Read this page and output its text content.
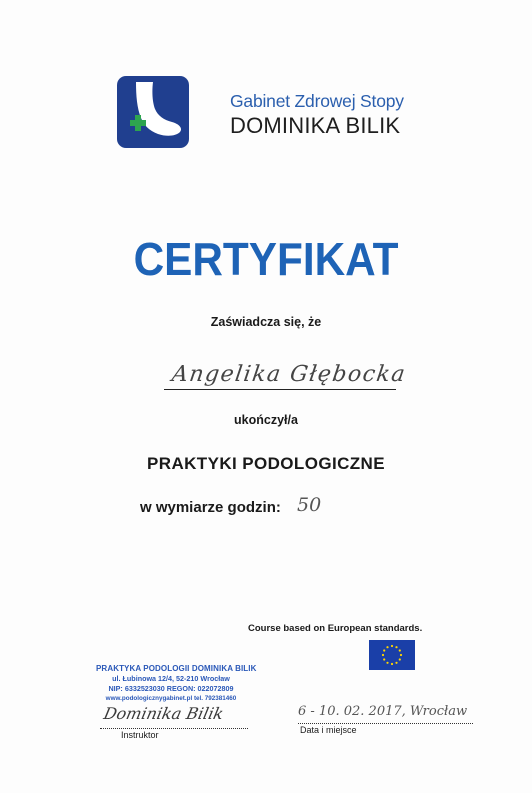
Gabinet Zdrowej Stopy
DOMINIKA BILIK
CERTYFIKAT
Zaświadcza się, że
Angelika Głębocka
ukończył/a
PRAKTYKI PODOLOGICZNE
w wymiarze godzin: 50
Course based on European standards.
PRAKTYKA PODOLOGII DOMINIKA BILIK
ul. Łubinowa 12/4, 52-210 Wrocław
NIP: 6332523030 REGON: 022072809
www.podologicznygabinet.pl tel. 792381460
Dominika Bilik
Instruktor
6 - 10. 02. 2017, Wrocław
Data i miejsce
